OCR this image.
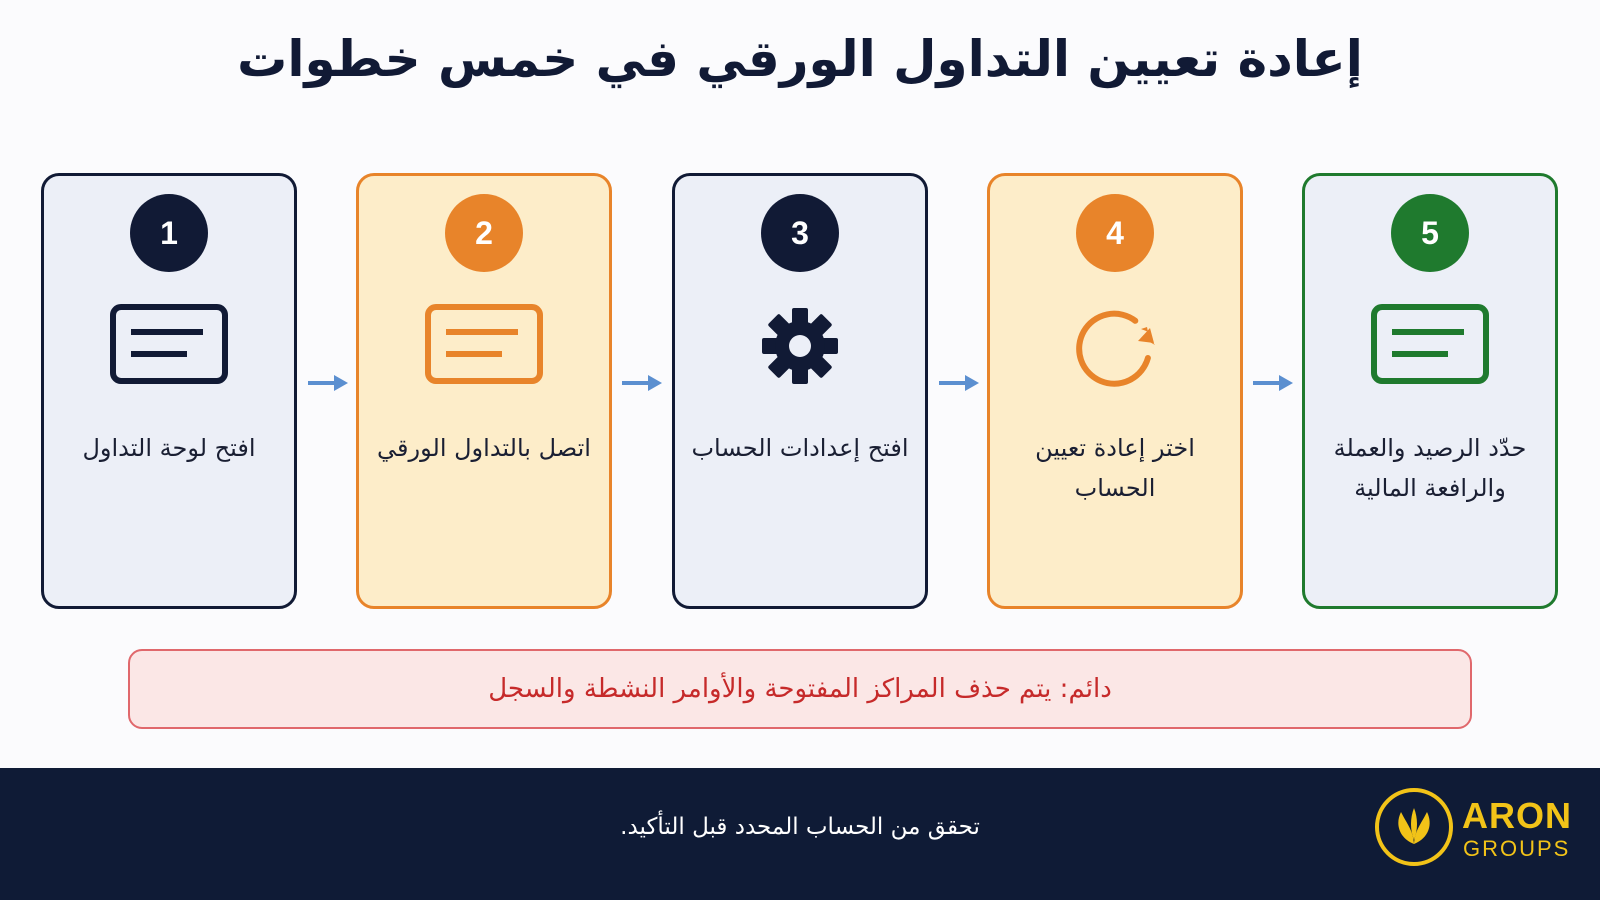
إعادة تعيين التداول الورقي في خمس خطوات
1
افتح لوحة التداول
2
اتصل بالتداول الورقي
3
افتح إعدادات الحساب
4
اختر إعادة تعيين الحساب
5
حدّد الرصيد والعملة والرافعة المالية
دائم: يتم حذف المراكز المفتوحة والأوامر النشطة والسجل
تحقق من الحساب المحدد قبل التأكيد.	ARON
GROUPS
